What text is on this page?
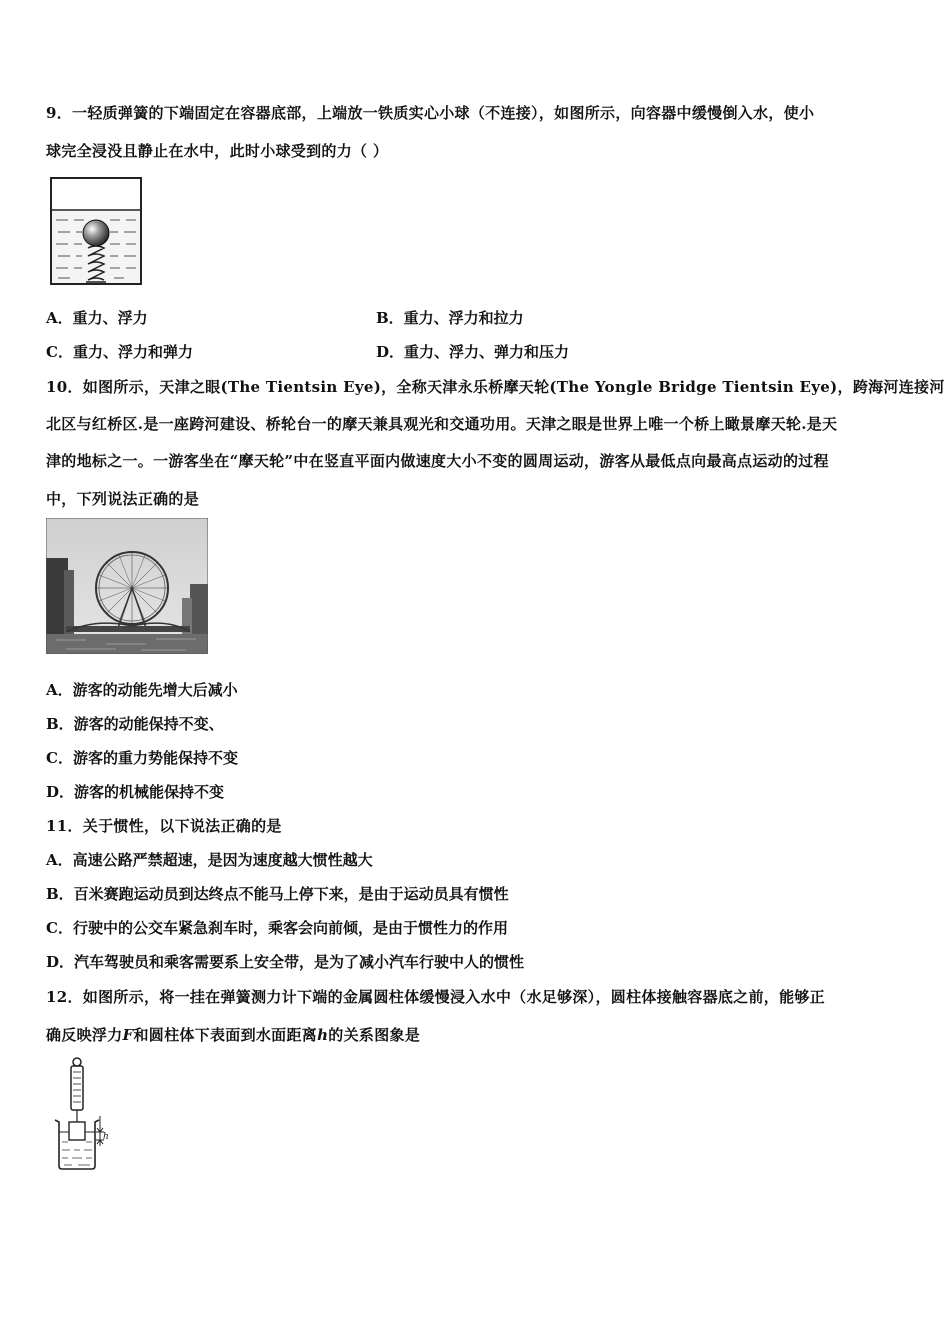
9．一轻质弹簧的下端固定在容器底部，上端放一铁质实心小球（不连接），如图所示，向容器中缓慢倒入水，使小
球完全浸没且静止在水中，此时小球受到的力（ ）
A．重力、浮力	B．重力、浮力和拉力
C．重力、浮力和弹力	D．重力、浮力、弹力和压力
10．如图所示，天津之眼(The Tientsin Eye)，全称天津永乐桥摩天轮(The Yongle Bridge Tientsin Eye)，跨海河连接河
北区与红桥区.是一座跨河建设、桥轮台一的摩天兼具观光和交通功用。天津之眼是世界上唯一个桥上瞰景摩天轮.是天
津的地标之一。一游客坐在“摩天轮”中在竖直平面内做速度大小不变的圆周运动，游客从最低点向最高点运动的过程
中，下列说法正确的是
A．游客的动能先增大后减小
B．游客的动能保持不变、
C．游客的重力势能保持不变
D．游客的机械能保持不变
11．关于惯性，以下说法正确的是
A．高速公路严禁超速，是因为速度越大惯性越大
B．百米赛跑运动员到达终点不能马上停下来，是由于运动员具有惯性
C．行驶中的公交车紧急刹车时，乘客会向前倾，是由于惯性力的作用
D．汽车驾驶员和乘客需要系上安全带，是为了减小汽车行驶中人的惯性
12．如图所示，将一挂在弹簧测力计下端的金属圆柱体缓慢浸入水中（水足够深），圆柱体接触容器底之前，能够正
确反映浮力F和圆柱体下表面到水面距离h的关系图象是
h
